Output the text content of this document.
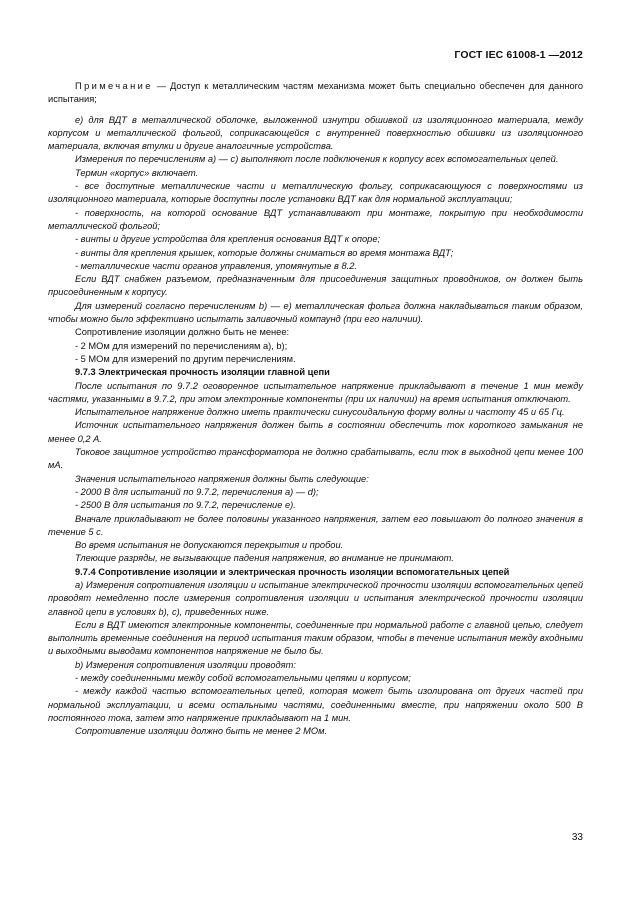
ГОСТ IEC 61008-1 —2012

Примечание — Доступ к металлическим частям механизма может быть специально обеспечен для данного испытания;

е) для ВДТ в металлической оболочке, выложенной изнутри обшивкой из изоляционного материала, между корпусом и металлической фольгой, соприкасающейся с внутренней поверхностью обшивки из изоляционного материала, включая втулки и другие аналогичные устройства.

Измерения по перечислениям а) — с) выполняют после подключения к корпусу всех вспомогательных цепей.

Термин «корпус» включает.

- все доступные металлические части и металлическую фольгу, соприкасающуюся с поверхностями из изоляционного материала, которые доступны после установки ВДТ как для нормальной эксплуатации;

- поверхность, на которой основание ВДТ устанавливают при монтаже, покрытую при необходимости металлической фольгой;

- винты и другие устройства для крепления основания ВДТ к опоре;

- винты для крепления крышек, которые должны сниматься во время монтажа ВДТ;

- металлические части органов управления, упомянутые в 8.2.

Если ВДТ снабжен разъемом, предназначенным для присоединения защитных проводников, он должен быть присоединенным к корпусу.

Для измерений согласно перечислениям b) — е) металлическая фольга должна накладываться таким образом, чтобы можно было эффективно испытать заливочный компаунд (при его наличии).

Сопротивление изоляции должно быть не менее:

- 2 МОм для измерений по перечислениям а), b);

- 5 МОм для измерений по другим перечислениям.

9.7.3 Электрическая прочность изоляции главной цепи

После испытания по 9.7.2 оговоренное испытательное напряжение прикладывают в течение 1 мин между частями, указанными в 9.7.2, при этом электронные компоненты (при их наличии) на время испытания отключают.

Испытательное напряжение должно иметь практически синусоидальную форму волны и частоту 45 и 65 Гц.

Источник испытательного напряжения должен быть в состоянии обеспечить ток короткого замыкания не менее 0,2 А.

Токовое защитное устройство трансформатора не должно срабатывать, если ток в выходной цепи менее 100 мА.

Значения испытательного напряжения должны быть следующие:

- 2000 В для испытаний по 9.7.2, перечисления а) — d);

- 2500 В для испытания по 9.7.2, перечисление е).

Вначале прикладывают не более половины указанного напряжения, затем его повышают до полного значения в течение 5 с.

Во время испытания не допускаются перекрытия и пробои.

Тлеющие разряды, не вызывающие падения напряжения, во внимание не принимают.

9.7.4 Сопротивление изоляции и электрическая прочность изоляции вспомогательных цепей

а) Измерения сопротивления изоляции и испытание электрической прочности изоляции вспомогательных цепей проводят немедленно после измерения сопротивления изоляции и испытания электрической прочности изоляции главной цепи в условиях b), с), приведенных ниже.

Если в ВДТ имеются электронные компоненты, соединенные при нормальной работе с главной цепью, следует выполнить временные соединения на период испытания таким образом, чтобы в течение испытания между входными и выходными выводами компонентов напряжение не было бы.

b) Измерения сопротивления изоляции проводят:

- между соединенными между собой вспомогательными цепями и корпусом;

- между каждой частью вспомогательных цепей, которая может быть изолирована от других частей при нормальной эксплуатации, и всеми остальными частями, соединенными вместе, при напряжении около 500 В постоянного тока, затем это напряжение прикладывают на 1 мин.

Сопротивление изоляции должно быть не менее 2 МОм.

33
